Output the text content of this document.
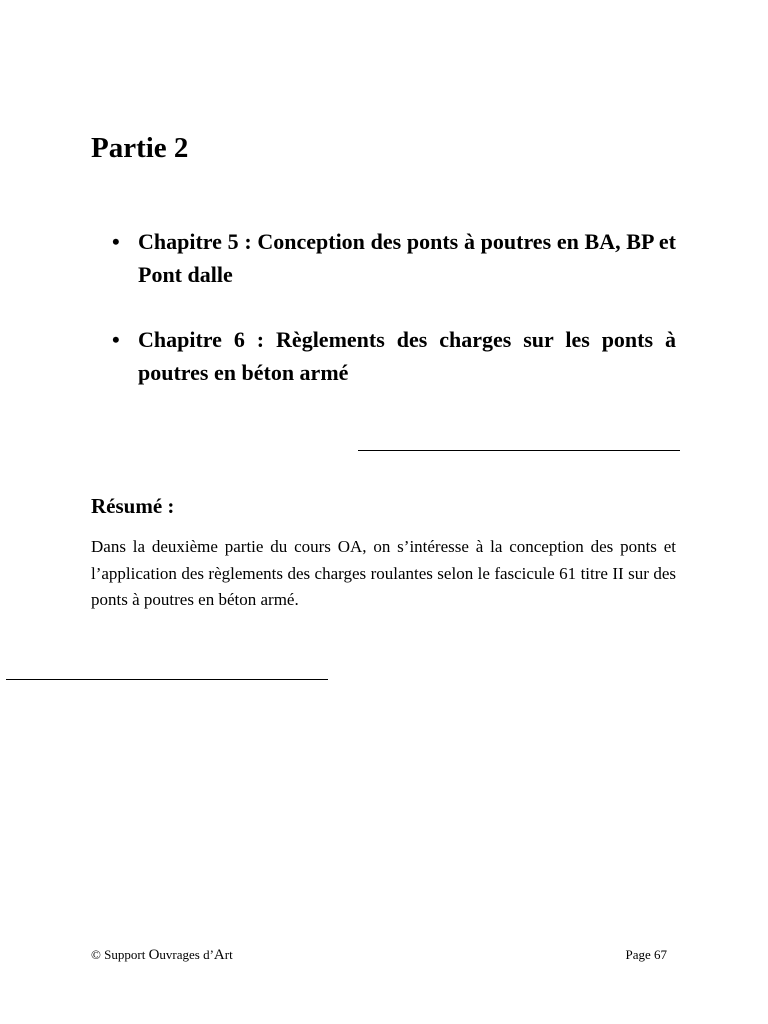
Partie 2
• Chapitre 5 : Conception des ponts à poutres en BA, BP et Pont dalle
• Chapitre 6 : Règlements des charges sur les ponts à poutres en béton armé
Résumé :

Dans la deuxième partie du cours OA, on s’intéresse à la conception des ponts et l’application des règlements des charges roulantes selon le fascicule 61 titre II sur des ponts à poutres en béton armé.

© Support Ouvrages d’Art	Page 67
